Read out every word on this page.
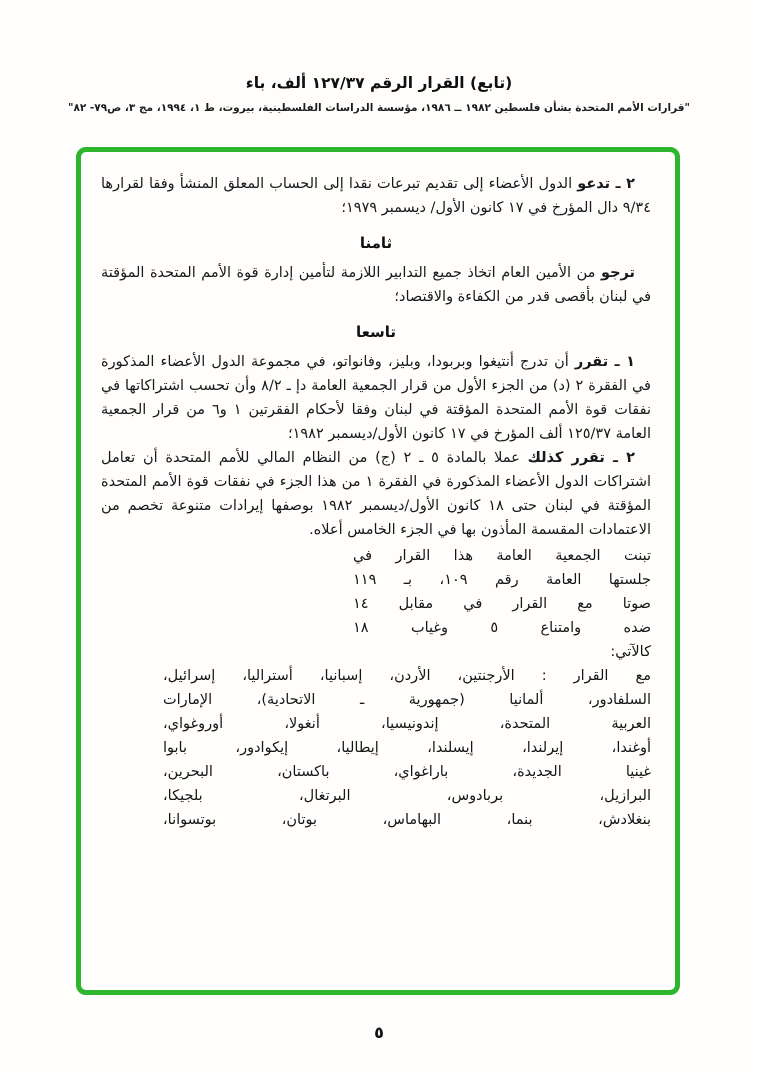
(تابع) القرار الرقم ١٢٧/٣٧ ألف، باء
"قرارات الأمم المتحدة بشأن فلسطين ١٩٨٢ ــ ١٩٨٦، مؤسسة الدراسات الفلسطينية، بيروت، ط ١، ١٩٩٤، مج ٣، ص٧٩- ٨٢"

٢ ـ تدعو الدول الأعضاء إلى تقديم تبرعات نقدا إلى الحساب المعلق المنشأ وفقا لقرارها ٩/٣٤ دال المؤرخ في ١٧ كانون الأول/ ديسمبر ١٩٧٩؛

ثامنا

ترجو من الأمين العام اتخاذ جميع التدابير اللازمة لتأمين إدارة قوة الأمم المتحدة المؤقتة في لبنان بأقصى قدر من الكفاءة والاقتصاد؛

تاسعا

١ ـ تقرر أن تدرج أنتيغوا وبربودا، وبليز، وفانواتو، في مجموعة الدول الأعضاء المذكورة في الفقرة ٢ (د) من الجزء الأول من قرار الجمعية العامة دإ ـ ٨/٢ وأن تحسب اشتراكاتها في نفقات قوة الأمم المتحدة المؤقتة في لبنان وفقا لأحكام الفقرتين ١ و٦ من قرار الجمعية العامة ١٢٥/٣٧ ألف المؤرخ في ١٧ كانون الأول/ديسمبر ١٩٨٢؛

٢ ـ تقرر كذلك عملا بالمادة ٥ ـ ٢ (ج) من النظام المالي للأمم المتحدة أن تعامل اشتراكات الدول الأعضاء المذكورة في الفقرة ١ من هذا الجزء في نفقات قوة الأمم المتحدة المؤقتة في لبنان حتى ١٨ كانون الأول/ديسمبر ١٩٨٢ بوصفها إيرادات متنوعة تخصم من الاعتمادات المقسمة المأذون بها في الجزء الخامس أعلاه.

تبنت الجمعية العامة هذا القرار في
جلستها العامة رقم ١٠٩، بـ ١١٩
صوتا مع القرار في مقابل ١٤
ضده وامتناع ٥ وغياب ١٨
كالآتي:
مع القرار : الأرجنتين، الأردن، إسبانيا، أستراليا، إسرائيل،
السلفادور، ألمانيا (جمهورية ـ الاتحادية)، الإمارات
العربية المتحدة، إندونيسيا، أنغولا، أوروغواي،
أوغندا، إيرلندا، إيسلندا، إيطاليا، إيكوادور، بابوا
غينيا الجديدة، باراغواي، باكستان، البحرين،
البرازيل، بربادوس، البرتغال، بلجيكا،
بنغلادش، بنما، البهاماس، بوتان، بوتسوانا،
٥
